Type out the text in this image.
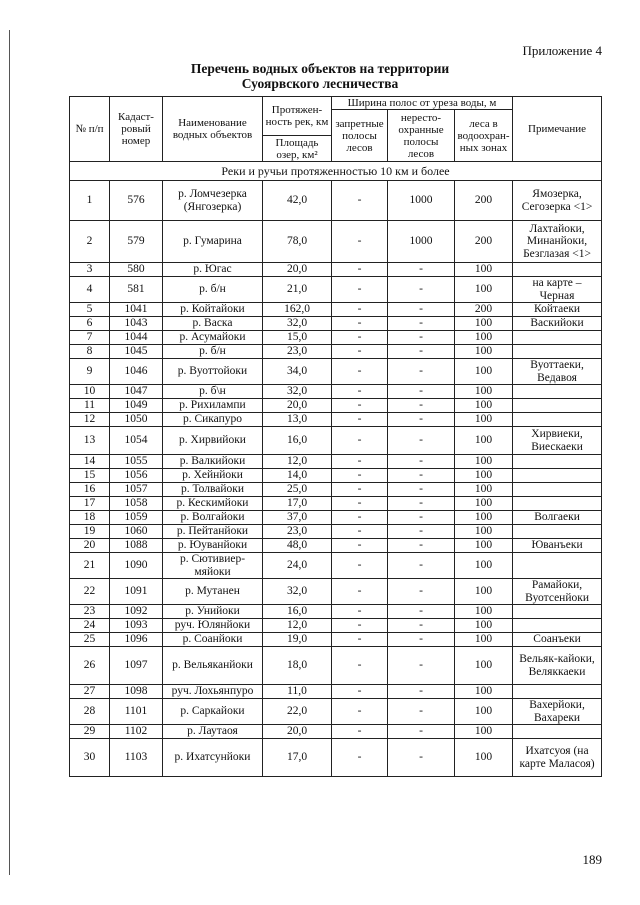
Приложение 4
Перечень водных объектов на территории
Суоярвского лесничества
№ п/п	Кадаст-ровый номер	Наименование водных объектов	Протяжен-ность рек, км	Ширина полос от уреза воды, м			Примечание
				запретные полосы лесов	нересто-охранные полосы лесов	леса в водоохран-ных зонах	
			Площадь озер, км²				
Реки и ручьи протяженностью 10 км и более							
1	576	р. Ломчезерка (Янгозерка)	42,0	-	1000	200	Ямозерка, Сегозерка <1>
2	579	р. Гумарина	78,0	-	1000	200	Лахтайоки, Минанйоки, Безглазая <1>
3	580	р. Югас	20,0	-	-	100	
4	581	р. б/н	21,0	-	-	100	на карте – Черная
5	1041	р. Койтайоки	162,0	-	-	200	Койтаеки
6	1043	р. Васка	32,0	-	-	100	Васкийоки
7	1044	р. Асумайоки	15,0	-	-	100	
8	1045	р. б/н	23,0	-	-	100	
9	1046	р. Вуоттойоки	34,0	-	-	100	Вуоттаеки, Ведавоя
10	1047	р. б\н	32,0	-	-	100	
11	1049	р. Рихилампи	20,0	-	-	100	
12	1050	р. Сикапуро	13,0	-	-	100	
13	1054	р. Хирвийоки	16,0	-	-	100	Хирвиеки, Виескаеки
14	1055	р. Валкийоки	12,0	-	-	100	
15	1056	р. Хейнйоки	14,0	-	-	100	
16	1057	р. Толвайоки	25,0	-	-	100	
17	1058	р. Кескимйоки	17,0	-	-	100	
18	1059	р. Волгайоки	37,0	-	-	100	Волгаеки
19	1060	р. Пейтанйоки	23,0	-	-	100	
20	1088	р. Юуванйоки	48,0	-	-	100	Юванъеки
21	1090	р. Сютивиер-мяйоки	24,0	-	-	100	
22	1091	р. Мутанен	32,0	-	-	100	Рамайоки, Вуотсенйоки
23	1092	р. Унийоки	16,0	-	-	100	
24	1093	руч. Юлянйоки	12,0	-	-	100	
25	1096	р. Соанйоки	19,0	-	-	100	Соанъеки
26	1097	р. Вельяканйоки	18,0	-	-	100	Вельяк-кайоки, Веляккаеки
27	1098	руч. Лохьянпуро	11,0	-	-	100	
28	1101	р. Саркайоки	22,0	-	-	100	Вахерйоки, Вахареки
29	1102	р. Лаутаоя	20,0	-	-	100	
30	1103	р. Ихатсунйоки	17,0	-	-	100	Ихатсуоя (на карте Маласоя)
189
